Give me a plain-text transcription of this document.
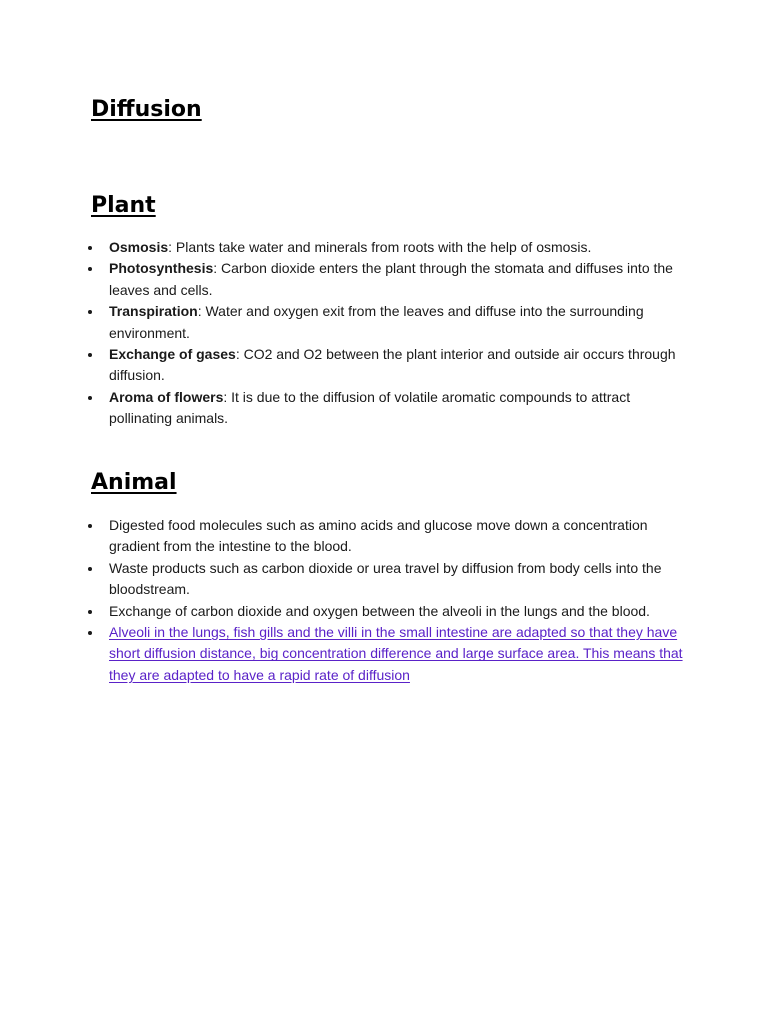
Diffusion
Plant
Osmosis: Plants take water and minerals from roots with the help of osmosis.
Photosynthesis: Carbon dioxide enters the plant through the stomata and diffuses into the leaves and cells.
Transpiration: Water and oxygen exit from the leaves and diffuse into the surrounding environment.
Exchange of gases: CO2 and O2 between the plant interior and outside air occurs through diffusion.
Aroma of flowers: It is due to the diffusion of volatile aromatic compounds to attract pollinating animals.
Animal
Digested food molecules such as amino acids and glucose move down a concentration gradient from the intestine to the blood.
Waste products such as carbon dioxide or urea travel by diffusion from body cells into the bloodstream.
Exchange of carbon dioxide and oxygen between the alveoli in the lungs and the blood.
Alveoli in the lungs, fish gills and the villi in the small intestine are adapted so that they have short diffusion distance, big concentration difference and large surface area. This means that they are adapted to have a rapid rate of diffusion
